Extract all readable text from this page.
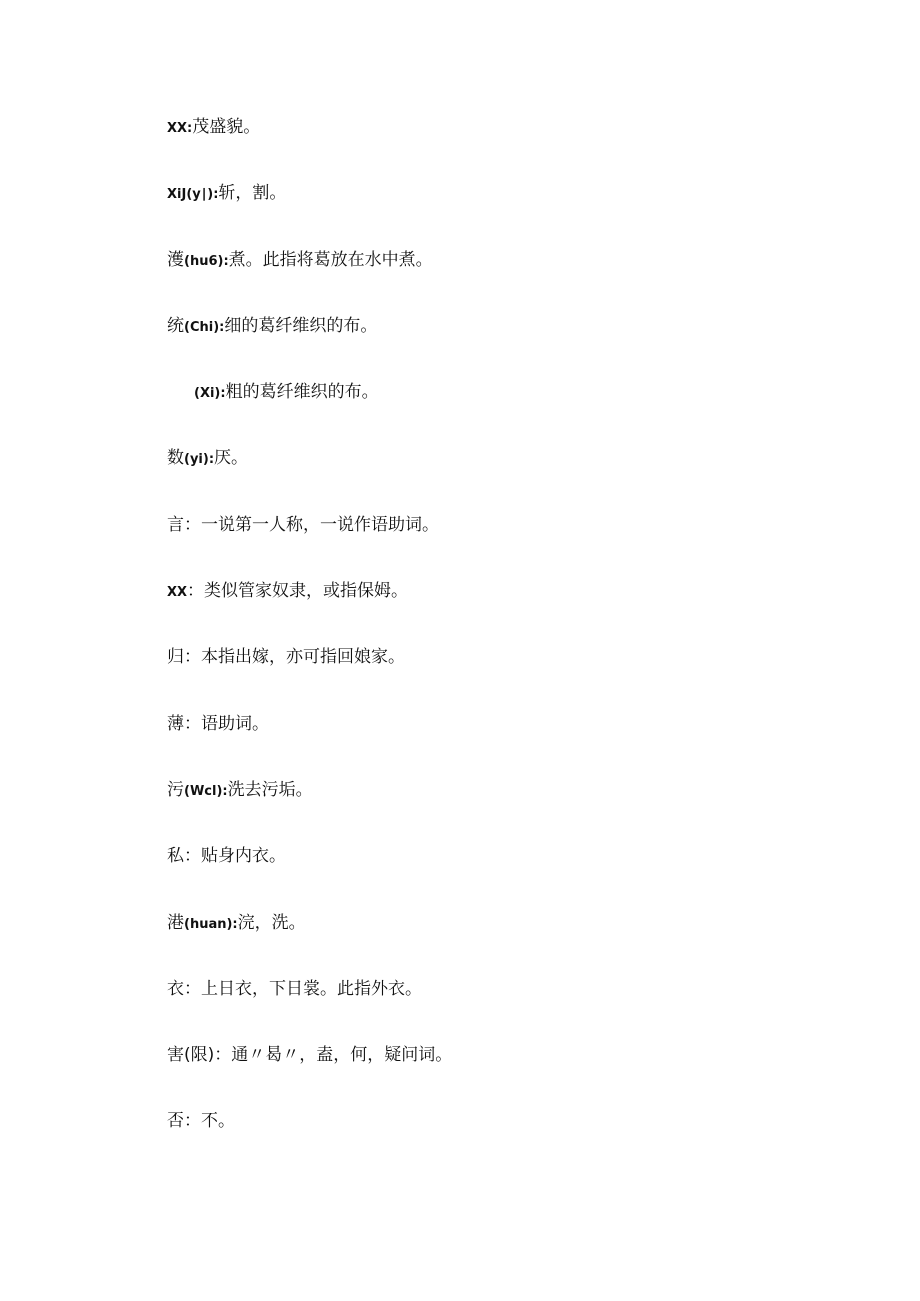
XX:茂盛貌。
XiJ(y∣):斩，割。
濩(hu6):煮。此指将葛放在水中煮。
统(Chi):细的葛纤维织的布。
(Xi):粗的葛纤维织的布。
数(yi):厌。
言：一说第一人称，一说作语助词。
XX：类似管家奴隶，或指保姆。
归：本指出嫁，亦可指回娘家。
薄：语助词。
污(Wcl):洗去污垢。
私：贴身内衣。
港(huan):浣，洗。
衣：上日衣，下日裳。此指外衣。
害(限)：通〃曷〃，盍，何，疑问词。
否：不。
